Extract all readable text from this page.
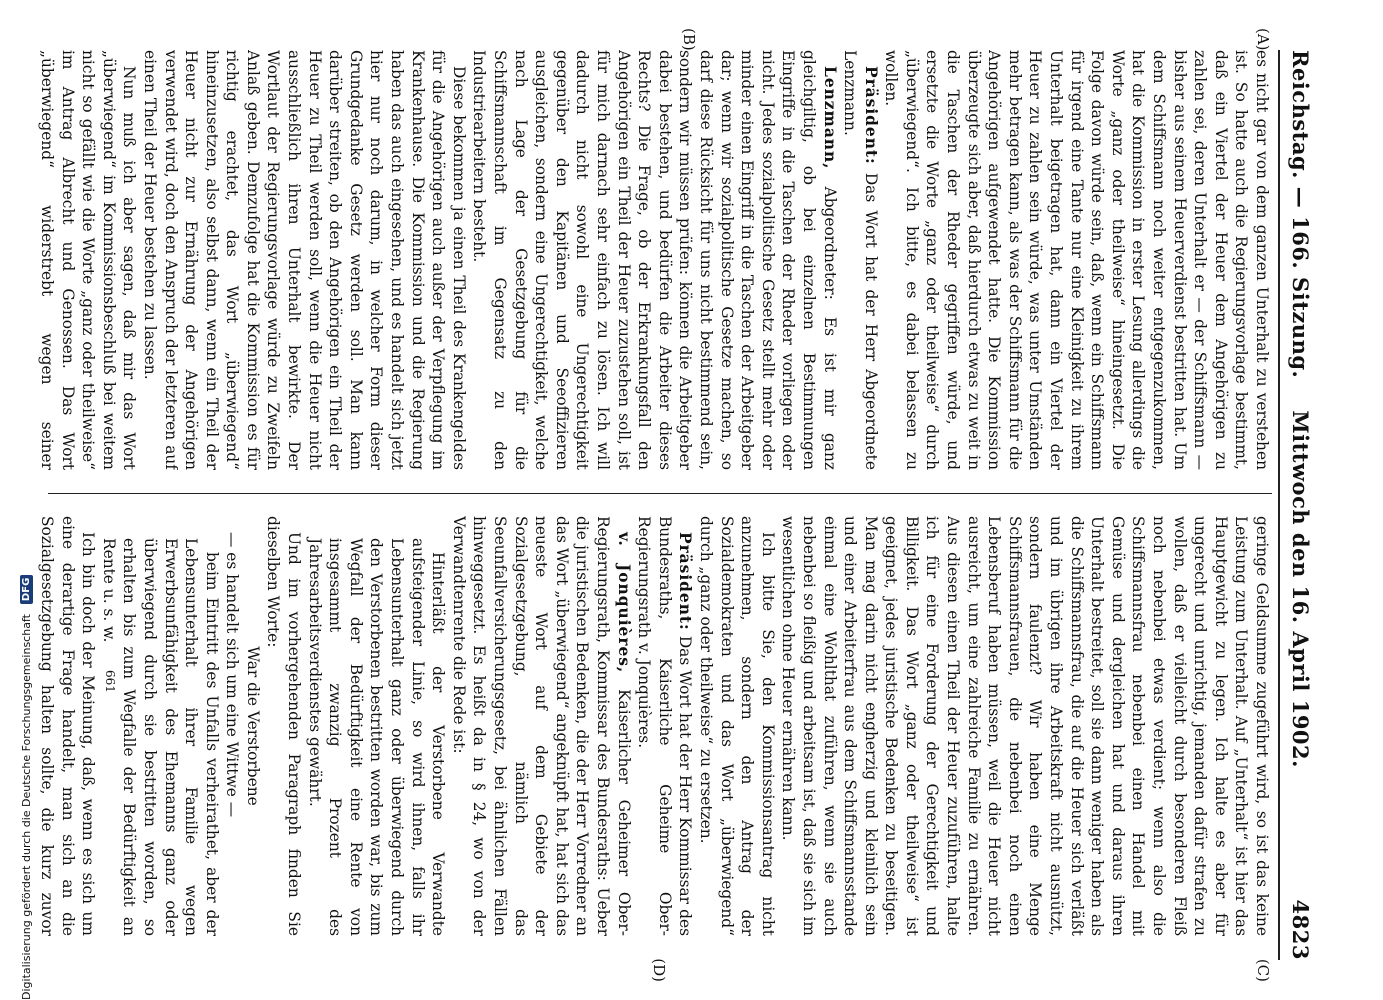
Reichstag. — 166. Sitzung.
Mittwoch den 16. April 1902.
4823
(A)
(B)
(C)
(D)

es nicht gar von dem ganzen Unterhalt zu verstehen ist. So hatte auch die Regierungsvorlage bestimmt, daß ein Viertel der Heuer dem Angehörigen zu zahlen sei, deren Unterhalt er — der Schiffsmann — bisher aus seinem Heuerverdienst bestritten hat. Um dem Schiffsmann noch weiter entgegenzukommen, hat die Kommission in erster Lesung allerdings die Worte „ganz oder theilweise“ hineingesetzt. Die Folge davon würde sein, daß, wenn ein Schiffsmann für irgend eine Tante nur eine Kleinigkeit zu ihrem Unterhalt beigetragen hat, dann ein Viertel der Heuer zu zahlen sein würde, was unter Umständen mehr betragen kann, als was der Schiffsmann für die Angehörigen aufgewendet hatte. Die Kommission überzeugte sich aber, daß hierdurch etwas zu weit in die Taschen der Rheder gegriffen würde, und ersetzte die Worte „ganz oder theilweise“ durch „überwiegend“. Ich bitte, es dabei belassen zu wollen.

Präsident: Das Wort hat der Herr Abgeordnete Lenzmann.

Lenzmann, Abgeordneter: Es ist mir ganz gleichgiltig, ob bei einzelnen Bestimmungen Eingriffe in die Taschen der Rheder vorliegen oder nicht. Jedes sozialpolitische Gesetz stellt mehr oder minder einen Eingriff in die Taschen der Arbeitgeber dar; wenn wir sozialpolitische Gesetze machen, so darf diese Rücksicht für uns nicht bestimmend sein, sondern wir müssen prüfen: können die Arbeitgeber dabei bestehen, und bedürfen die Arbeiter dieses Rechts? Die Frage, ob der Erkrankungsfall den Angehörigen ein Theil der Heuer zuzustehen soll, ist für mich darnach sehr einfach zu lösen. Ich will dadurch nicht sowohl eine Ungerechtigkeit gegenüber den Kapitänen und Seeoffizieren ausgleichen, sondern eine Ungerechtigkeit, welche nach Lage der Gesetzgebung für die Schiffsmannschaft im Gegensatz zu den Industriearbeitern besteht.

Diese bekommen ja einen Theil des Krankengeldes für die Angehörigen auch außer der Verpflegung im Krankenhause. Die Kommission und die Regierung haben das auch eingesehen, und es handelt sich jetzt hier nur noch darum, in welcher Form dieser Grundgedanke Gesetz werden soll. Man kann darüber streiten, ob den Angehörigen ein Theil der Heuer zu Theil werden soll, wenn die Heuer nicht ausschließlich ihren Unterhalt bewirkte. Der Wortlaut der Regierungsvorlage würde zu Zweifeln Anlaß geben. Demzufolge hat die Kommission es für richtig erachtet, das Wort „überwiegend“ hineinzusetzen, also selbst dann, wenn ein Theil der Heuer nicht zur Ernährung der Angehörigen verwendet wird, doch den Anspruch der letzteren auf einen Theil der Heuer bestehen zu lassen.

Nun muß ich aber sagen, daß mir das Wort „überwiegend“ im Kommissionsbeschluß bei weitem nicht so gefällt wie die Worte „ganz oder theilweise“ im Antrag Albrecht und Genossen. Das Wort „überwiegend“ widerstrebt wegen seiner

geringe Geldsumme zugeführt wird, so ist das keine Leistung zum Unterhalt. Auf „Unterhalt“ ist hier das Hauptgewicht zu legen. Ich halte es aber für ungerecht und unrichtig, jemanden dafür strafen zu wollen, daß er vielleicht durch besonderen Fleiß noch nebenbei etwas verdient; wenn also die Schiffsmannsfrau nebenbei einen Handel mit Gemüse und dergleichen hat und daraus ihren Unterhalt bestreitet, soll sie dann weniger haben als die Schiffsmannsfrau, die auf die Heuer sich verläßt und im übrigen ihre Arbeitskraft nicht ausnützt, sondern faulenzt? Wir haben eine Menge Schiffsmannsfrauen, die nebenbei noch einen Lebensberuf haben müssen, weil die Heuer nicht ausreicht, um eine zahlreiche Familie zu ernähren. Aus diesen einen Theil der Heuer zuzuführen, halte ich für eine Forderung der Gerechtigkeit und Billigkeit. Das Wort „ganz oder theilweise“ ist geeignet, jedes juristische Bedenken zu beseitigen. Man mag darin nicht engherzig und kleinlich sein und einer Arbeiterfrau aus dem Schiffsmannsstande einmal eine Wohlthat zuführen, wenn sie auch nebenbei so fleißig und arbeitsam ist, daß sie sich im wesentlichen ohne Heuer ernähren kann.

Ich bitte Sie, den Kommissionsantrag nicht anzunehmen, sondern den Antrag der Sozialdemokraten und das Wort „überwiegend“ durch „ganz oder theilweise“ zu ersetzen.

Präsident: Das Wort hat der Herr Kommissar des Bundesraths, Kaiserliche Geheime Ober-Regierungsrath v. Jonquières.

v. Jonquières, Kaiserlicher Geheimer Ober-Regierungsrath, Kommissar des Bundesraths: Ueber die juristischen Bedenken, die der Herr Vorredner an das Wort „überwiegend“ angeknüpft hat, hat sich das neueste Wort auf dem Gebiete der Sozialgesetzgebung, nämlich das Seeunfallversicherungsgesetz, bei ähnlichen Fällen hinweggesetzt. Es heißt da in § 24, wo von der Verwandtenrente die Rede ist:

Hinterläßt der Verstorbene Verwandte aufsteigender Linie, so wird ihnen, falls ihr Lebensunterhalt ganz oder überwiegend durch den Verstorbenen bestritten worden war, bis zum Wegfall der Bedürftigkeit eine Rente von insgesammt zwanzig Prozent des Jahresarbeitsverdienstes gewährt.

Und im vorhergehenden Paragraph finden Sie dieselben Worte:

War die Verstorbene

— es handelt sich um eine Wittwe —

beim Eintritt des Unfalls verheirathet, aber der Lebensunterhalt ihrer Familie wegen Erwerbsunfähigkeit des Ehemanns ganz oder überwiegend durch sie bestritten worden, so erhalten bis zum Wegfalle der Bedürftigkeit an Rente u. s. w.

Ich bin doch der Meinung, daß, wenn es sich um eine derartige Frage handelt, man sich an die Sozialgesetzgebung halten sollte, die kurz zuvor

661
Digitalisierung gefördert durch die Deutsche Forschungsgemeinschaft
DFG
